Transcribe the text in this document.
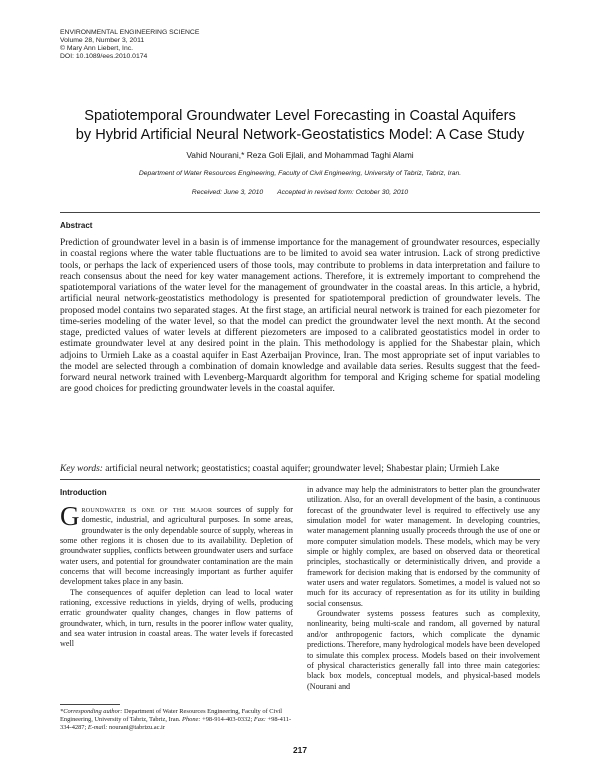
ENVIRONMENTAL ENGINEERING SCIENCE
Volume 28, Number 3, 2011
© Mary Ann Liebert, Inc.
DOI: 10.1089/ees.2010.0174
Spatiotemporal Groundwater Level Forecasting in Coastal Aquifers
by Hybrid Artificial Neural Network-Geostatistics Model: A Case Study
Vahid Nourani,* Reza Goli Ejlali, and Mohammad Taghi Alami
Department of Water Resources Engineering, Faculty of Civil Engineering, University of Tabriz, Tabriz, Iran.
Received: June 3, 2010 Accepted in revised form: October 30, 2010
Abstract
Prediction of groundwater level in a basin is of immense importance for the management of groundwater resources, especially in coastal regions where the water table fluctuations are to be limited to avoid sea water intrusion. Lack of strong predictive tools, or perhaps the lack of experienced users of those tools, may contribute to problems in data interpretation and failure to reach consensus about the need for key water management actions. Therefore, it is extremely important to comprehend the spatiotemporal variations of the water level for the management of groundwater in the coastal areas. In this article, a hybrid, artificial neural network-geostatistics methodology is presented for spatiotemporal prediction of groundwater levels. The proposed model contains two separated stages. At the first stage, an artificial neural network is trained for each piezometer for time-series modeling of the water level, so that the model can predict the groundwater level the next month. At the second stage, predicted values of water levels at different piezometers are imposed to a calibrated geostatistics model in order to estimate groundwater level at any desired point in the plain. This methodology is applied for the Shabestar plain, which adjoins to Urmieh Lake as a coastal aquifer in East Azerbaijan Province, Iran. The most appropriate set of input variables to the model are selected through a combination of domain knowledge and available data series. Results suggest that the feed-forward neural network trained with Levenberg-Marquardt algorithm for temporal and Kriging scheme for spatial modeling are good choices for predicting groundwater levels in the coastal aquifer.
Key words: artificial neural network; geostatistics; coastal aquifer; groundwater level; Shabestar plain; Urmieh Lake
Introduction

Groundwater is one of the major sources of supply for domestic, industrial, and agricultural purposes. In some areas, groundwater is the only dependable source of supply, whereas in some other regions it is chosen due to its availability. Depletion of groundwater supplies, conflicts between groundwater users and surface water users, and potential for groundwater contamination are the main concerns that will become increasingly important as further aquifer development takes place in any basin.

The consequences of aquifer depletion can lead to local water rationing, excessive reductions in yields, drying of wells, producing erratic groundwater quality changes, changes in flow patterns of groundwater, which, in turn, results in the poorer inflow water quality, and sea water intrusion in coastal areas. The water levels if forecasted well

in advance may help the administrators to better plan the groundwater utilization. Also, for an overall development of the basin, a continuous forecast of the groundwater level is required to effectively use any simulation model for water management. In developing countries, water management planning usually proceeds through the use of one or more computer simulation models. These models, which may be very simple or highly complex, are based on observed data or theoretical principles, stochastically or deterministically driven, and provide a framework for decision making that is endorsed by the community of water users and water regulators. Sometimes, a model is valued not so much for its accuracy of representation as for its utility in building social consensus.

Groundwater systems possess features such as complexity, nonlinearity, being multi-scale and random, all governed by natural and/or anthropogenic factors, which complicate the dynamic predictions. Therefore, many hydrological models have been developed to simulate this complex process. Models based on their involvement of physical characteristics generally fall into three main categories: black box models, conceptual models, and physical-based models (Nourani and

*Corresponding author: Department of Water Resources Engineering, Faculty of Civil Engineering, University of Tabriz, Tabriz, Iran. Phone: +98-914-403-0332; Fax: +98-411-334-4287; E-mail: nourani@tabrizu.ac.ir
217
